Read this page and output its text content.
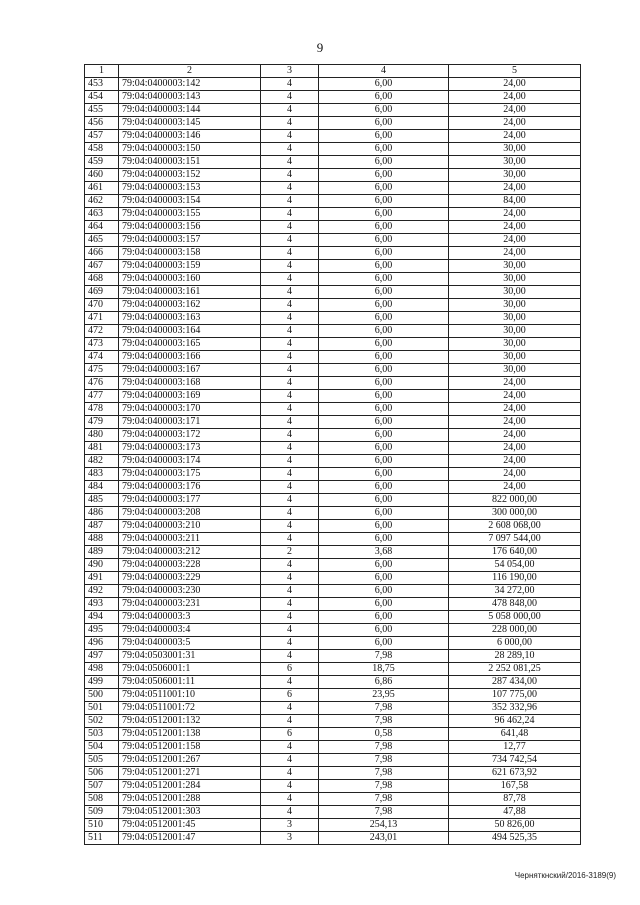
9
1	2	3	4	5
453	79:04:0400003:142	4	6,00	24,00
454	79:04:0400003:143	4	6,00	24,00
455	79:04:0400003:144	4	6,00	24,00
456	79:04:0400003:145	4	6,00	24,00
457	79:04:0400003:146	4	6,00	24,00
458	79:04:0400003:150	4	6,00	30,00
459	79:04:0400003:151	4	6,00	30,00
460	79:04:0400003:152	4	6,00	30,00
461	79:04:0400003:153	4	6,00	24,00
462	79:04:0400003:154	4	6,00	84,00
463	79:04:0400003:155	4	6,00	24,00
464	79:04:0400003:156	4	6,00	24,00
465	79:04:0400003:157	4	6,00	24,00
466	79:04:0400003:158	4	6,00	24,00
467	79:04:0400003:159	4	6,00	30,00
468	79:04:0400003:160	4	6,00	30,00
469	79:04:0400003:161	4	6,00	30,00
470	79:04:0400003:162	4	6,00	30,00
471	79:04:0400003:163	4	6,00	30,00
472	79:04:0400003:164	4	6,00	30,00
473	79:04:0400003:165	4	6,00	30,00
474	79:04:0400003:166	4	6,00	30,00
475	79:04:0400003:167	4	6,00	30,00
476	79:04:0400003:168	4	6,00	24,00
477	79:04:0400003:169	4	6,00	24,00
478	79:04:0400003:170	4	6,00	24,00
479	79:04:0400003:171	4	6,00	24,00
480	79:04:0400003:172	4	6,00	24,00
481	79:04:0400003:173	4	6,00	24,00
482	79:04:0400003:174	4	6,00	24,00
483	79:04:0400003:175	4	6,00	24,00
484	79:04:0400003:176	4	6,00	24,00
485	79:04:0400003:177	4	6,00	822 000,00
486	79:04:0400003:208	4	6,00	300 000,00
487	79:04:0400003:210	4	6,00	2 608 068,00
488	79:04:0400003:211	4	6,00	7 097 544,00
489	79:04:0400003:212	2	3,68	176 640,00
490	79:04:0400003:228	4	6,00	54 054,00
491	79:04:0400003:229	4	6,00	116 190,00
492	79:04:0400003:230	4	6,00	34 272,00
493	79:04:0400003:231	4	6,00	478 848,00
494	79:04:0400003:3	4	6,00	5 058 000,00
495	79:04:0400003:4	4	6,00	228 000,00
496	79:04:0400003:5	4	6,00	6 000,00
497	79:04:0503001:31	4	7,98	28 289,10
498	79:04:0506001:1	6	18,75	2 252 081,25
499	79:04:0506001:11	4	6,86	287 434,00
500	79:04:0511001:10	6	23,95	107 775,00
501	79:04:0511001:72	4	7,98	352 332,96
502	79:04:0512001:132	4	7,98	96 462,24
503	79:04:0512001:138	6	0,58	641,48
504	79:04:0512001:158	4	7,98	12,77
505	79:04:0512001:267	4	7,98	734 742,54
506	79:04:0512001:271	4	7,98	621 673,92
507	79:04:0512001:284	4	7,98	167,58
508	79:04:0512001:288	4	7,98	87,78
509	79:04:0512001:303	4	7,98	47,88
510	79:04:0512001:45	3	254,13	50 826,00
511	79:04:0512001:47	3	243,01	494 525,35
Черняткнский/2016-3189(9)
